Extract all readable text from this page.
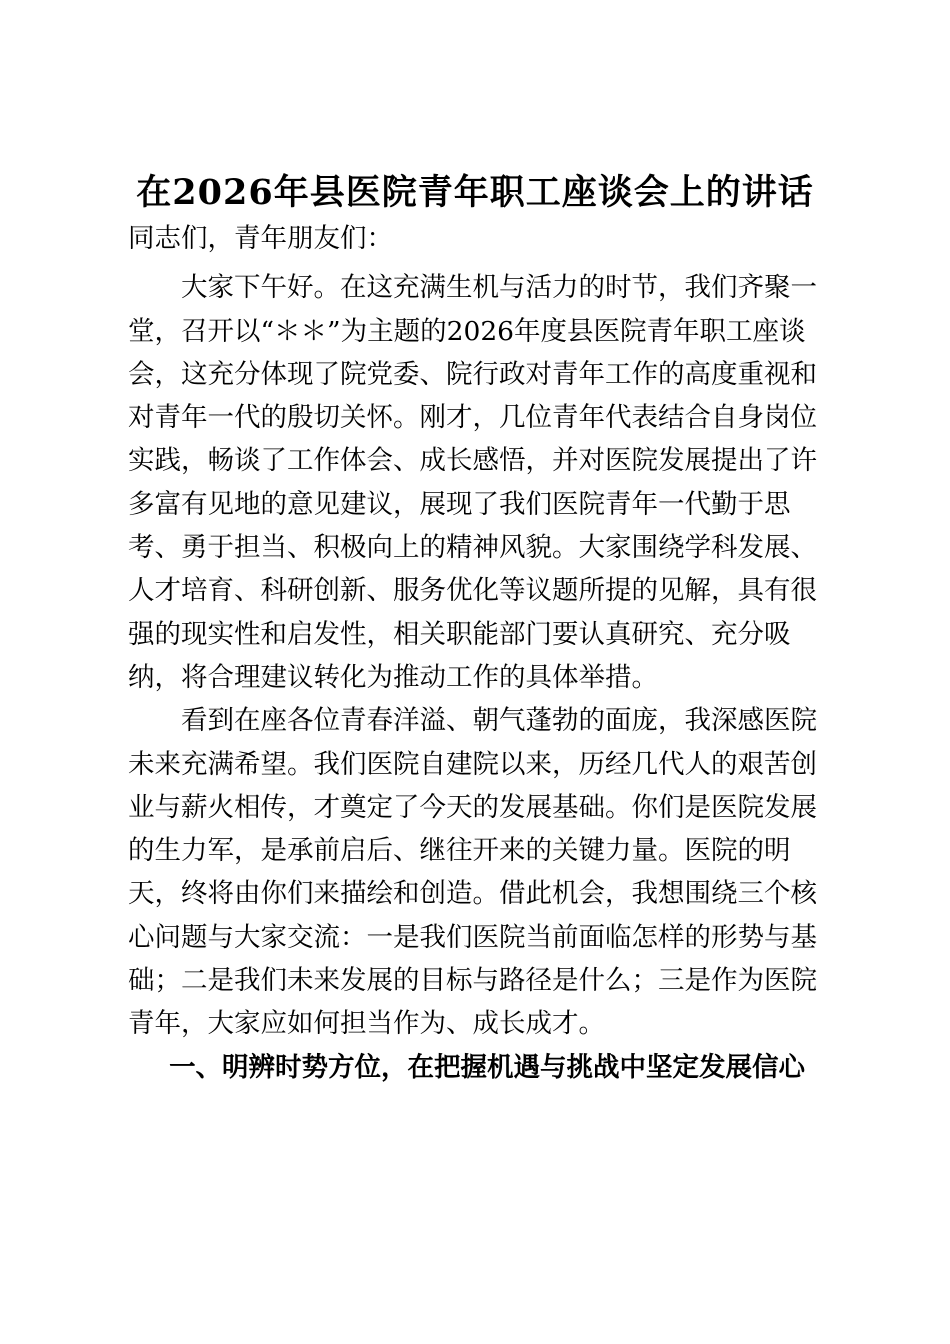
在2026年县医院青年职工座谈会上的讲话

同志们，青年朋友们：

大家下午好。在这充满生机与活力的时节，我们齐聚一堂，召开以“＊＊”为主题的2026年度县医院青年职工座谈会，这充分体现了院党委、院行政对青年工作的高度重视和对青年一代的殷切关怀。刚才，几位青年代表结合自身岗位实践，畅谈了工作体会、成长感悟，并对医院发展提出了许多富有见地的意见建议，展现了我们医院青年一代勤于思考、勇于担当、积极向上的精神风貌。大家围绕学科发展、人才培育、科研创新、服务优化等议题所提的见解，具有很强的现实性和启发性，相关职能部门要认真研究、充分吸纳，将合理建议转化为推动工作的具体举措。

看到在座各位青春洋溢、朝气蓬勃的面庞，我深感医院未来充满希望。我们医院自建院以来，历经几代人的艰苦创业与薪火相传，才奠定了今天的发展基础。你们是医院发展的生力军，是承前启后、继往开来的关键力量。医院的明天，终将由你们来描绘和创造。借此机会，我想围绕三个核心问题与大家交流：一是我们医院当前面临怎样的形势与基础；二是我们未来发展的目标与路径是什么；三是作为医院青年，大家应如何担当作为、成长成才。

一、明辨时势方位，在把握机遇与挑战中坚定发展信心
